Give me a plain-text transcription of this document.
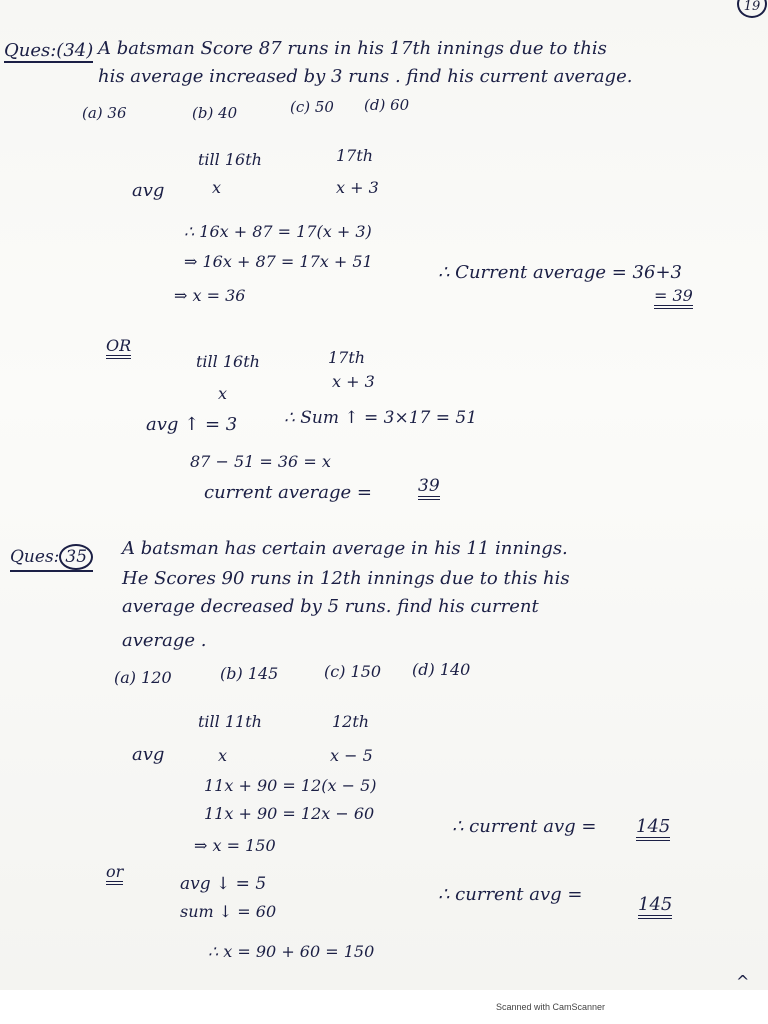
19
Ques:(34) A batsman Score 87 runs in his 17th innings due to this
his average increased by 3 runs . find his current average.
(a) 36	(b) 40	(c) 50 (d) 60
till 16th	17th
avg	x	x + 3
∴ 16x + 87 = 17(x + 3)
⇒ 16x + 87 = 17x + 51
⇒ x = 36
∴ Current average = 36+3
= 39
OR
till 16th	17th
x
x + 3
avg ↑ = 3	∴ Sum ↑ = 3×17 = 51
87 − 51 = 36 = x
current average =	39
Ques: 35	A batsman has certain average in his 11 innings.
He Scores 90 runs in 12th innings due to this his
average decreased by 5 runs. find his current
average .
(a) 120	(b) 145	(c) 150 (d) 140
till 11th	12th
avg	x	x − 5
11x + 90 = 12(x − 5)
11x + 90 = 12x − 60
⇒ x = 150
∴ current avg = 145
or
avg ↓ = 5
sum ↓ = 60
∴ current avg =	145
∴ x = 90 + 60 = 150
^
Scanned with CamScanner
